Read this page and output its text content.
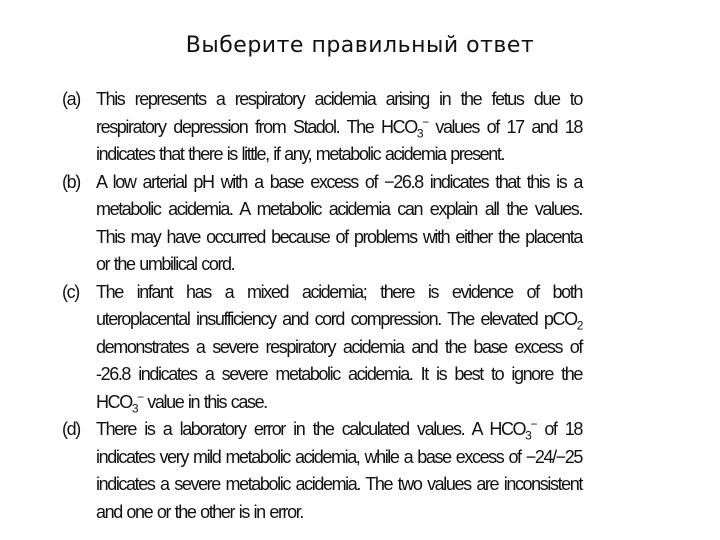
Выберите правильный ответ
(a) This represents a respiratory acidemia arising in the fetus due to respiratory depression from Stadol. The $HCO_3^-$ values of 17 and 18 indicates that there is little, if any, metabolic acidemia present.
(b) A low arterial pH with a base excess of −26.8 indicates that this is a metabolic acidemia. A metabolic acidemia can explain all the values. This may have occurred because of problems with either the placenta or the umbilical cord.
(c) The infant has a mixed acidemia; there is evidence of both uteroplacental insufficiency and cord compression. The elevated pCO$_2$ demonstrates a severe respiratory acidemia and the base excess of -26.8 indicates a severe metabolic acidemia. It is best to ignore the $HCO_3^-$ value in this case.
(d) There is a laboratory error in the calculated values. A $HCO_3^-$ of 18 indicates very mild metabolic acidemia, while a base excess of −24/−25 indicates a severe metabolic acidemia. The two values are inconsistent and one or the other is in error.
